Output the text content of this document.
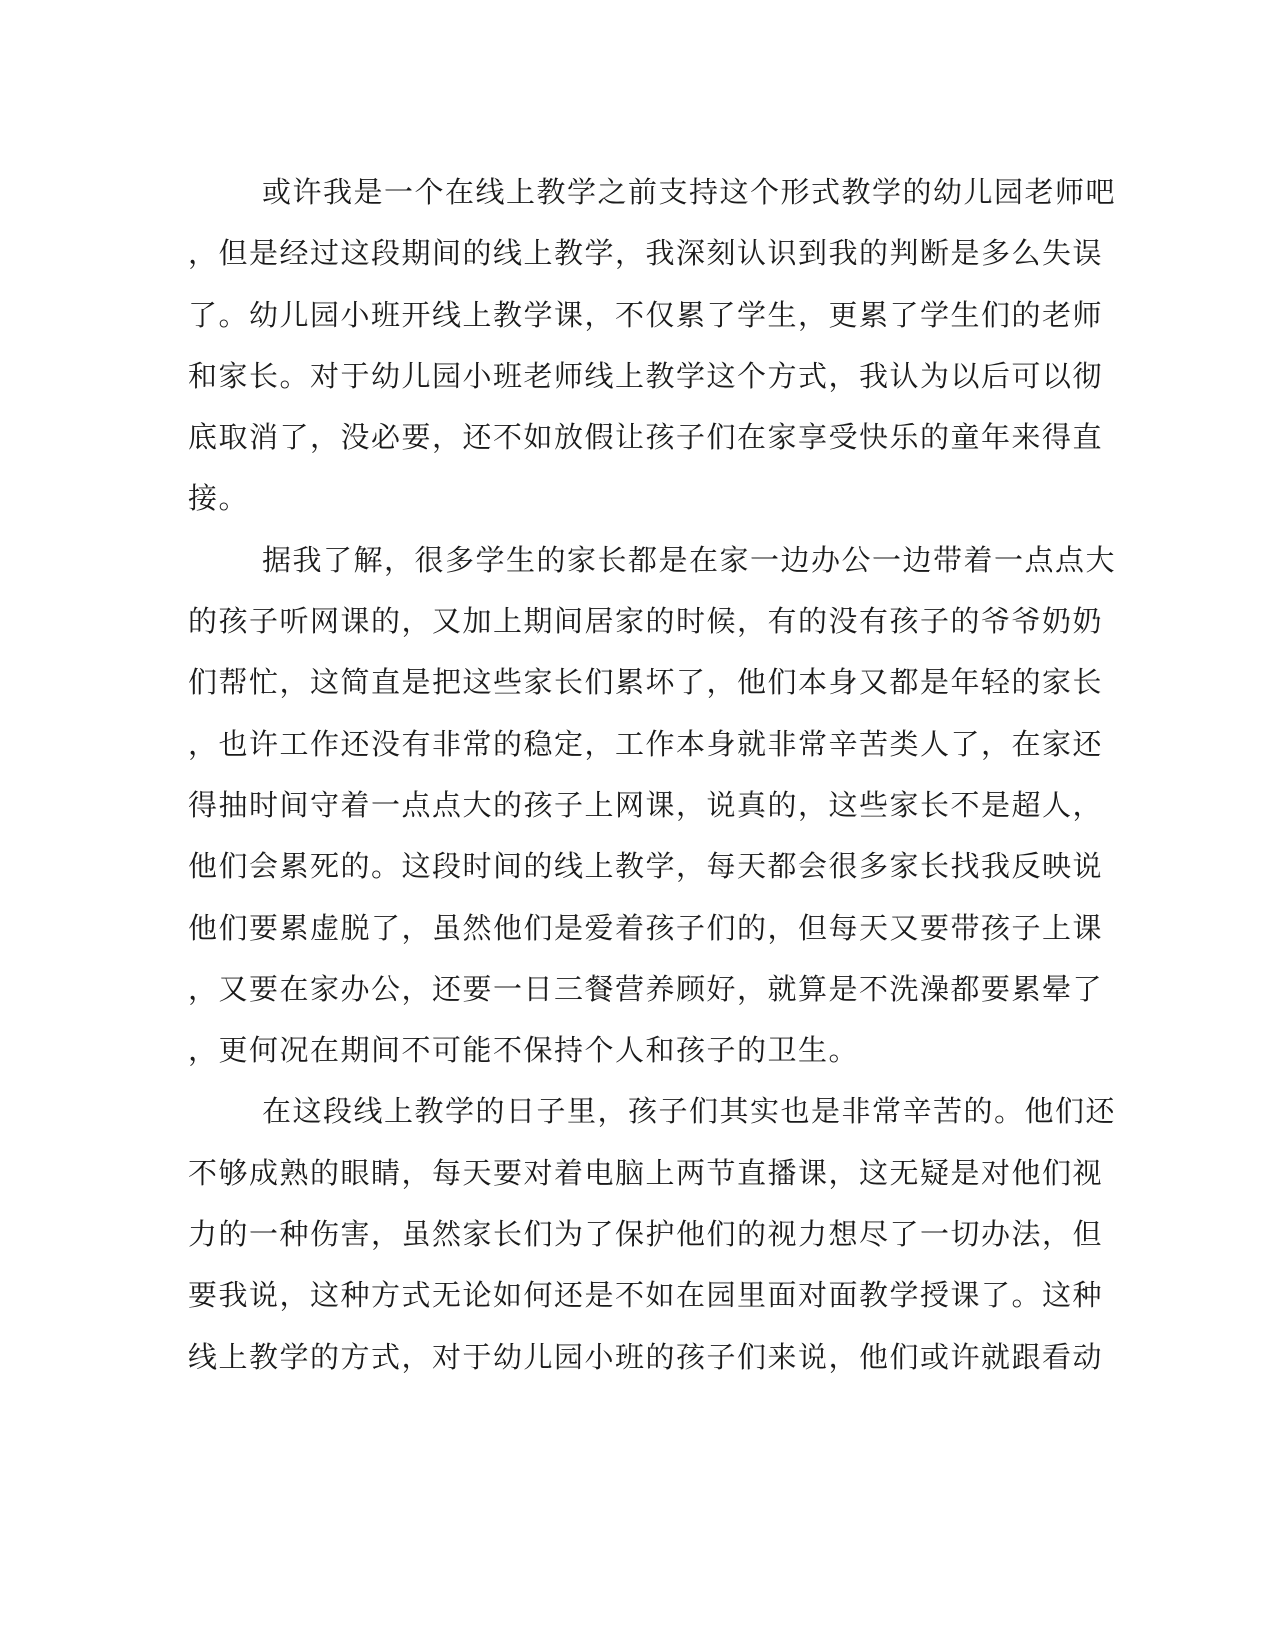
或许我是一个在线上教学之前支持这个形式教学的幼儿园老师吧
，但是经过这段期间的线上教学，我深刻认识到我的判断是多么失误
了。幼儿园小班开线上教学课，不仅累了学生，更累了学生们的老师
和家长。对于幼儿园小班老师线上教学这个方式，我认为以后可以彻
底取消了，没必要，还不如放假让孩子们在家享受快乐的童年来得直
接。
据我了解，很多学生的家长都是在家一边办公一边带着一点点大
的孩子听网课的，又加上期间居家的时候，有的没有孩子的爷爷奶奶
们帮忙，这简直是把这些家长们累坏了，他们本身又都是年轻的家长
，也许工作还没有非常的稳定，工作本身就非常辛苦类人了，在家还
得抽时间守着一点点大的孩子上网课，说真的，这些家长不是超人，
他们会累死的。这段时间的线上教学，每天都会很多家长找我反映说
他们要累虚脱了，虽然他们是爱着孩子们的，但每天又要带孩子上课
，又要在家办公，还要一日三餐营养顾好，就算是不洗澡都要累晕了
，更何况在期间不可能不保持个人和孩子的卫生。
在这段线上教学的日子里，孩子们其实也是非常辛苦的。他们还
不够成熟的眼睛，每天要对着电脑上两节直播课，这无疑是对他们视
力的一种伤害，虽然家长们为了保护他们的视力想尽了一切办法，但
要我说，这种方式无论如何还是不如在园里面对面教学授课了。这种
线上教学的方式，对于幼儿园小班的孩子们来说，他们或许就跟看动
